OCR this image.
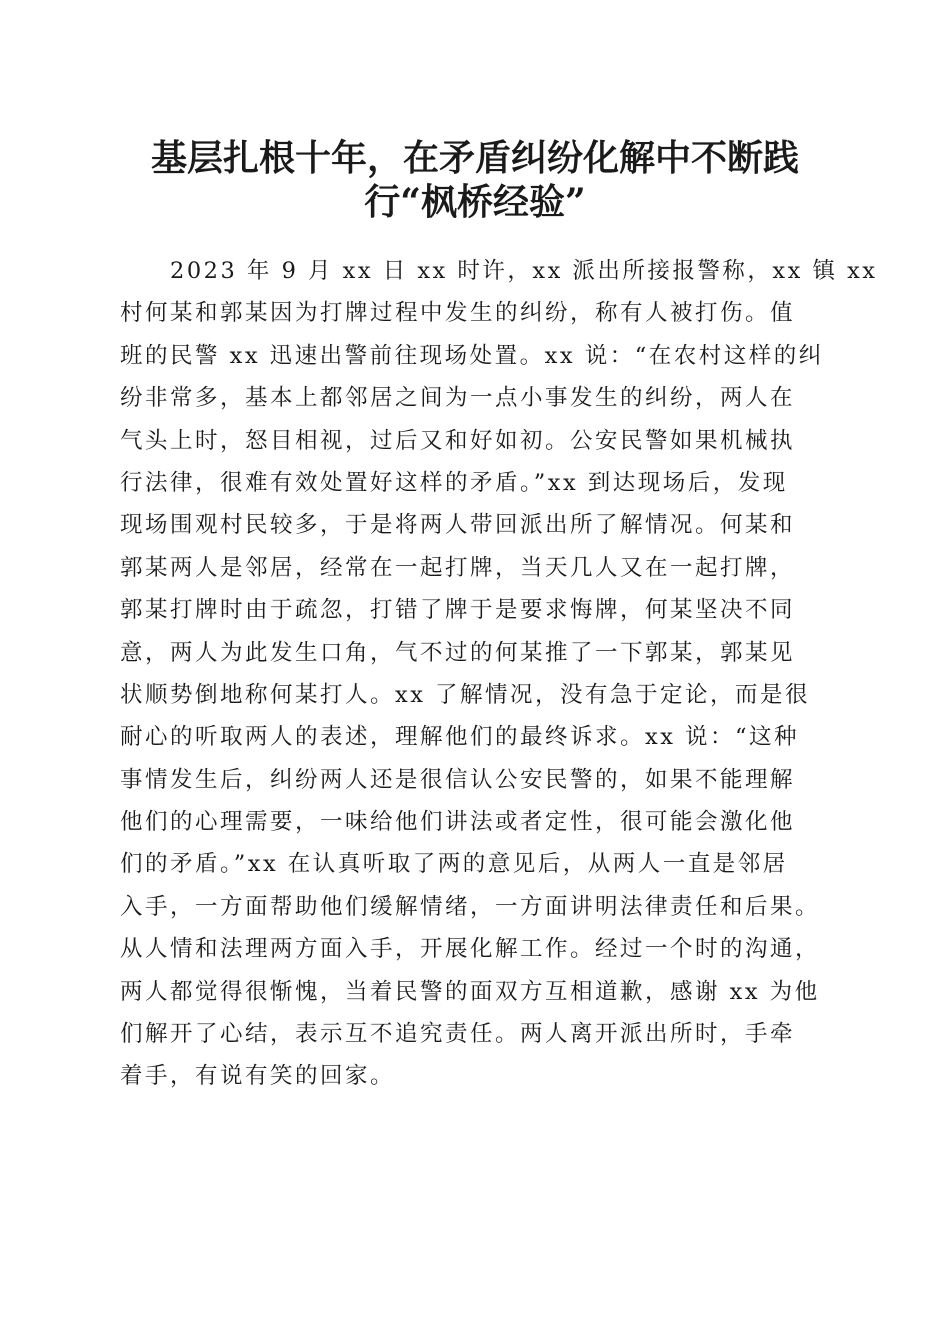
基层扎根十年，在矛盾纠纷化解中不断践
行“枫桥经验”
　　2023 年 9 月 xx 日 xx 时许，xx 派出所接报警称，xx 镇 xx
村何某和郭某因为打牌过程中发生的纠纷，称有人被打伤。值
班的民警 xx 迅速出警前往现场处置。xx 说：“在农村这样的纠
纷非常多，基本上都邻居之间为一点小事发生的纠纷，两人在
气头上时，怒目相视，过后又和好如初。公安民警如果机械执
行法律，很难有效处置好这样的矛盾。”xx 到达现场后，发现
现场围观村民较多，于是将两人带回派出所了解情况。何某和
郭某两人是邻居，经常在一起打牌，当天几人又在一起打牌，
郭某打牌时由于疏忽，打错了牌于是要求悔牌，何某坚决不同
意，两人为此发生口角，气不过的何某推了一下郭某，郭某见
状顺势倒地称何某打人。xx 了解情况，没有急于定论，而是很
耐心的听取两人的表述，理解他们的最终诉求。xx 说：“这种
事情发生后，纠纷两人还是很信认公安民警的，如果不能理解
他们的心理需要，一味给他们讲法或者定性，很可能会激化他
们的矛盾。”xx 在认真听取了两的意见后，从两人一直是邻居
入手，一方面帮助他们缓解情绪，一方面讲明法律责任和后果。
从人情和法理两方面入手，开展化解工作。经过一个时的沟通，
两人都觉得很惭愧，当着民警的面双方互相道歉，感谢 xx 为他
们解开了心结，表示互不追究责任。两人离开派出所时，手牵
着手，有说有笑的回家。
